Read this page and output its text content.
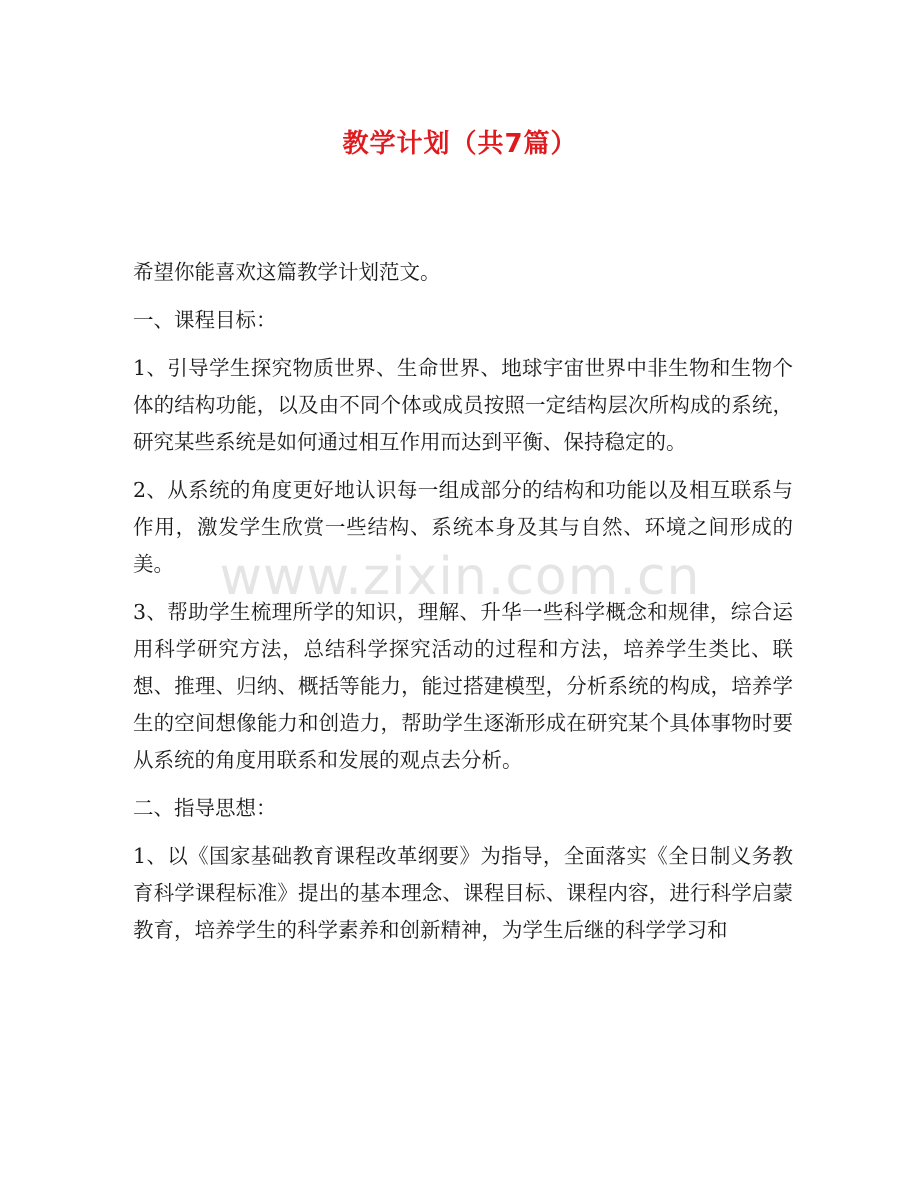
教学计划（共7篇）

希望你能喜欢这篇教学计划范文。

一、课程目标：

1、引导学生探究物质世界、生命世界、地球宇宙世界中非生物和生物个体的结构功能，以及由不同个体或成员按照一定结构层次所构成的系统，研究某些系统是如何通过相互作用而达到平衡、保持稳定的。

2、从系统的角度更好地认识每一组成部分的结构和功能以及相互联系与作用，激发学生欣赏一些结构、系统本身及其与自然、环境之间形成的美。

3、帮助学生梳理所学的知识，理解、升华一些科学概念和规律，综合运用科学研究方法，总结科学探究活动的过程和方法，培养学生类比、联想、推理、归纳、概括等能力，能过搭建模型，分析系统的构成，培养学生的空间想像能力和创造力，帮助学生逐渐形成在研究某个具体事物时要从系统的角度用联系和发展的观点去分析。

二、指导思想：

1、以《国家基础教育课程改革纲要》为指导，全面落实《全日制义务教育科学课程标准》提出的基本理念、课程目标、课程内容，进行科学启蒙教育，培养学生的科学素养和创新精神，为学生后继的科学学习和

www.zixin.com.cn
